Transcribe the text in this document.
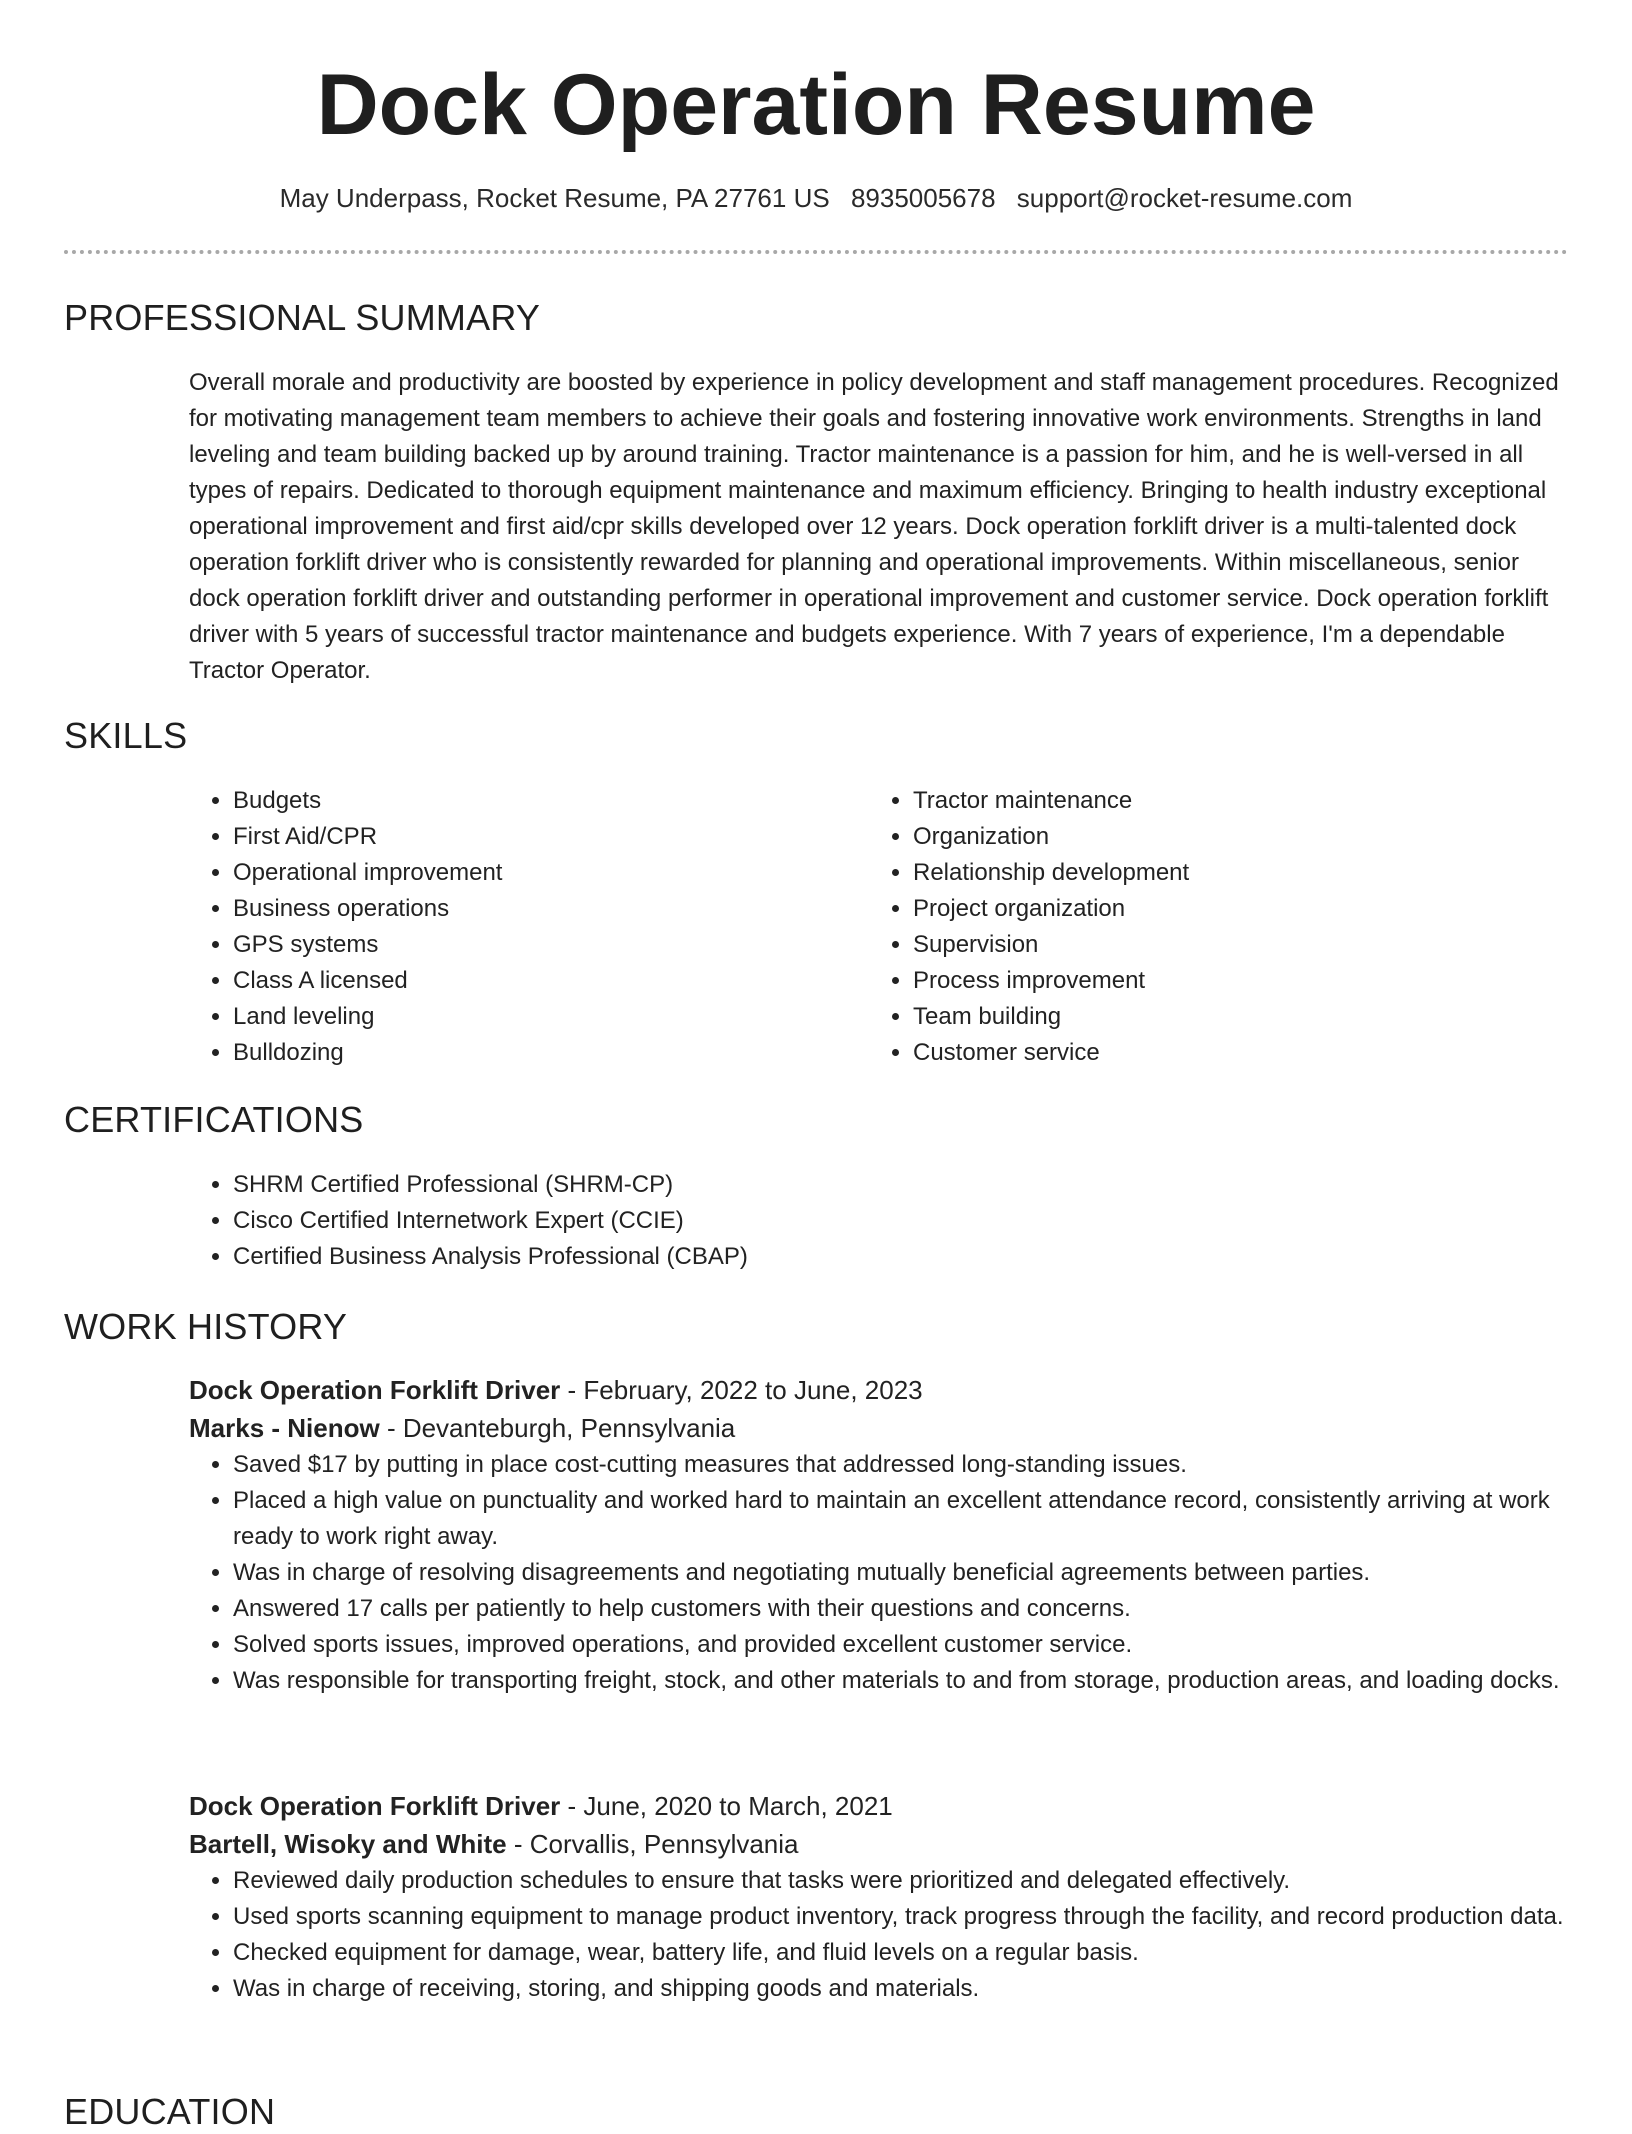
Dock Operation Resume
May Underpass, Rocket Resume, PA 27761 US 8935005678 support@rocket-resume.com
PROFESSIONAL SUMMARY
Overall morale and productivity are boosted by experience in policy development and staff management procedures. Recognized for motivating management team members to achieve their goals and fostering innovative work environments. Strengths in land leveling and team building backed up by around training. Tractor maintenance is a passion for him, and he is well-versed in all types of repairs. Dedicated to thorough equipment maintenance and maximum efficiency. Bringing to health industry exceptional operational improvement and first aid/cpr skills developed over 12 years. Dock operation forklift driver is a multi-talented dock operation forklift driver who is consistently rewarded for planning and operational improvements. Within miscellaneous, senior dock operation forklift driver and outstanding performer in operational improvement and customer service. Dock operation forklift driver with 5 years of successful tractor maintenance and budgets experience. With 7 years of experience, I'm a dependable Tractor Operator.
SKILLS
• Budgets
• First Aid/CPR
• Operational improvement
• Business operations
• GPS systems
• Class A licensed
• Land leveling
• Bulldozing
• Tractor maintenance
• Organization
• Relationship development
• Project organization
• Supervision
• Process improvement
• Team building
• Customer service
CERTIFICATIONS
• SHRM Certified Professional (SHRM-CP)
• Cisco Certified Internetwork Expert (CCIE)
• Certified Business Analysis Professional (CBAP)
WORK HISTORY
Dock Operation Forklift Driver - February, 2022 to June, 2023
Marks - Nienow - Devanteburgh, Pennsylvania
• Saved $17 by putting in place cost-cutting measures that addressed long-standing issues.
• Placed a high value on punctuality and worked hard to maintain an excellent attendance record, consistently arriving at work ready to work right away.
• Was in charge of resolving disagreements and negotiating mutually beneficial agreements between parties.
• Answered 17 calls per patiently to help customers with their questions and concerns.
• Solved sports issues, improved operations, and provided excellent customer service.
• Was responsible for transporting freight, stock, and other materials to and from storage, production areas, and loading docks.
Dock Operation Forklift Driver - June, 2020 to March, 2021
Bartell, Wisoky and White - Corvallis, Pennsylvania
• Reviewed daily production schedules to ensure that tasks were prioritized and delegated effectively.
• Used sports scanning equipment to manage product inventory, track progress through the facility, and record production data.
• Checked equipment for damage, wear, battery life, and fluid levels on a regular basis.
• Was in charge of receiving, storing, and shipping goods and materials.
EDUCATION
